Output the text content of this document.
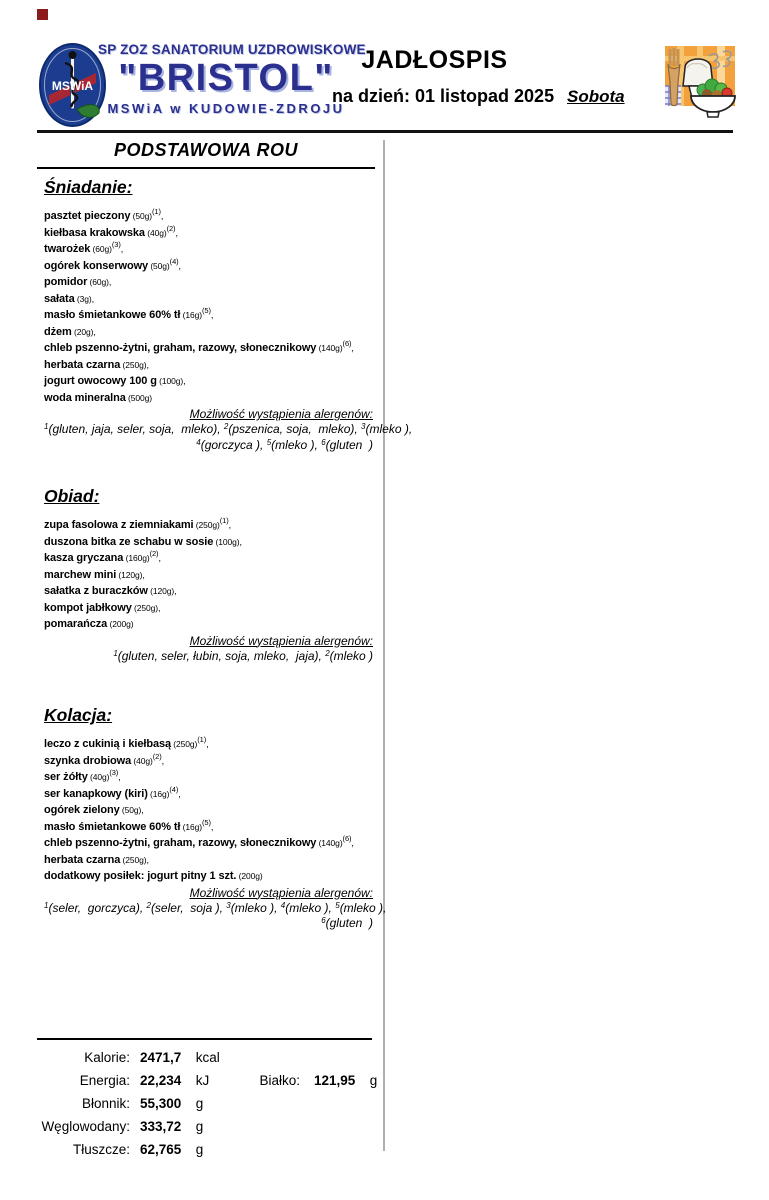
MSWiA
SP ZOZ SANATORIUM UZDROWISKOWE
"BRISTOL"
MSWiA w KUDOWIE-ZDROJU
JADŁOSPIS
na dzień: 01 listopad 2025 Sobota
PODSTAWOWA ROU
Śniadanie:
pasztet pieczony $(50g)^{(1)}$,
kiełbasa krakowska $(40g)^{(2)}$,
twarożek $(60g)^{(3)}$,
ogórek konserwowy $(50g)^{(4)}$,
pomidor (60g),
sałata (3g),
masło śmietankowe 60% tł $(16g)^{(5)}$,
dżem (20g),
chleb pszenno-żytni, graham, razowy, słonecznikowy $(140g)^{(6)}$,
herbata czarna (250g),
jogurt owocowy 100 g (100g),
woda mineralna (500g)
Możliwość wystąpienia alergenów:
$^1$(gluten, jaja, seler, soja,  mleko), $^2$(pszenica, soja,  mleko), $^3$(mleko ),
$^4$(gorczyca ), $^5$(mleko ), $^6$(gluten  )
Obiad:
zupa fasolowa z ziemniakami $(250g)^{(1)}$,
duszona bitka ze schabu w sosie (100g),
kasza gryczana $(160g)^{(2)}$,
marchew mini (120g),
sałatka z buraczków (120g),
kompot jabłkowy (250g),
pomarańcza (200g)
Możliwość wystąpienia alergenów:
$^1$(gluten, seler, łubin, soja, mleko,  jaja), $^2$(mleko )
Kolacja:
leczo z cukinią i kiełbasą $(250g)^{(1)}$,
szynka drobiowa $(40g)^{(2)}$,
ser żółty $(40g)^{(3)}$,
ser kanapkowy (kiri) $(16g)^{(4)}$,
ogórek zielony (50g),
masło śmietankowe 60% tł $(16g)^{(5)}$,
chleb pszenno-żytni, graham, razowy, słonecznikowy $(140g)^{(6)}$,
herbata czarna (250g),
dodatkowy posiłek: jogurt pitny 1 szt. (200g)
Możliwość wystąpienia alergenów:
$^1$(seler,  gorczyca), $^2$(seler,  soja ), $^3$(mleko ), $^4$(mleko ), $^5$(mleko ),
$^6$(gluten  )
Kalorie: 2471,7 kcal
Energia: 22,234 kJ	Białko: 121,95 g
Błonnik: 55,300 g
Węglowodany: 333,72 g
Tłuszcze: 62,765 g
